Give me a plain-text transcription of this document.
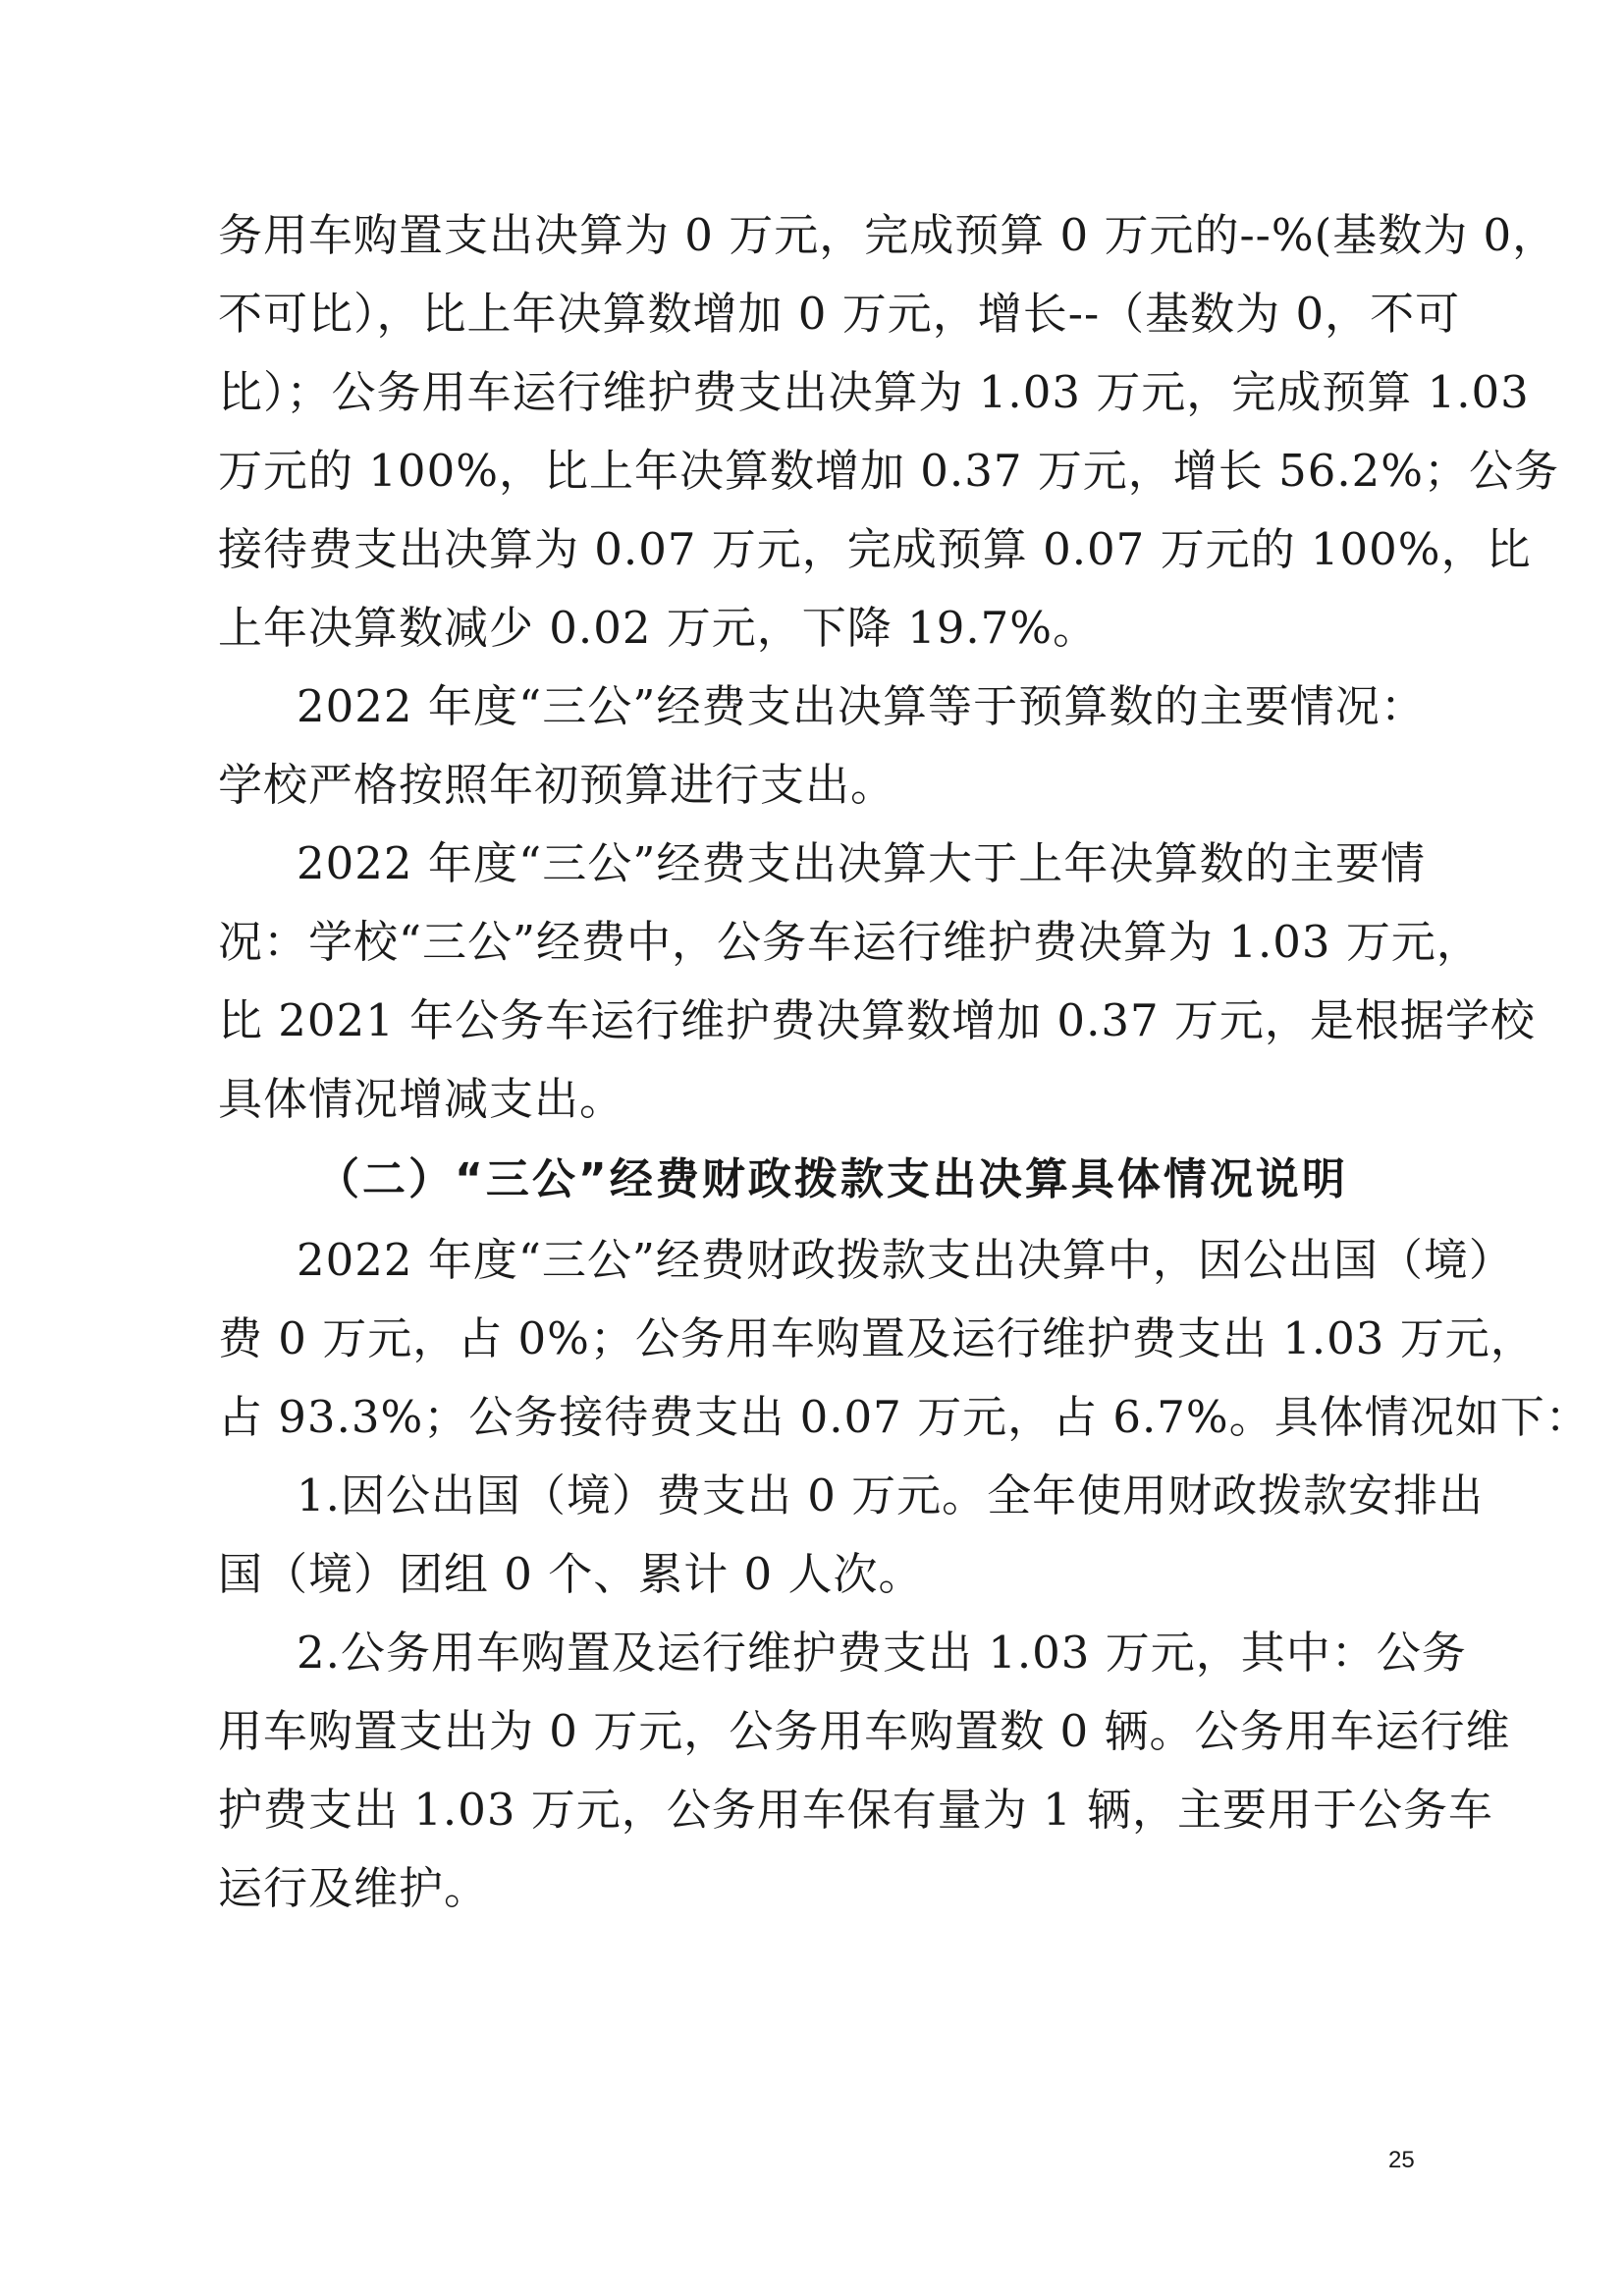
务用车购置支出决算为 0 万元，完成预算 0 万元的--%(基数为 0，
不可比），比上年决算数增加 0 万元，增长--（基数为 0，不可
比）；公务用车运行维护费支出决算为 1.03 万元，完成预算 1.03
万元的 100%，比上年决算数增加 0.37 万元，增长 56.2%；公务
接待费支出决算为 0.07 万元，完成预算 0.07 万元的 100%，比
上年决算数减少 0.02 万元，下降 19.7%。
2022 年度“三公”经费支出决算等于预算数的主要情况：
学校严格按照年初预算进行支出。
2022 年度“三公”经费支出决算大于上年决算数的主要情
况：学校“三公”经费中，公务车运行维护费决算为 1.03 万元，
比 2021 年公务车运行维护费决算数增加 0.37 万元，是根据学校
具体情况增减支出。
（二）“三公”经费财政拨款支出决算具体情况说明
2022 年度“三公”经费财政拨款支出决算中，因公出国（境）
费 0 万元，占 0%；公务用车购置及运行维护费支出 1.03 万元，
占 93.3%；公务接待费支出 0.07 万元，占 6.7%。具体情况如下：
1.因公出国（境）费支出 0 万元。全年使用财政拨款安排出
国（境）团组 0 个、累计 0 人次。
2.公务用车购置及运行维护费支出 1.03 万元，其中：公务
用车购置支出为 0 万元，公务用车购置数 0 辆。公务用车运行维
护费支出 1.03 万元，公务用车保有量为 1 辆，主要用于公务车
运行及维护。
25
